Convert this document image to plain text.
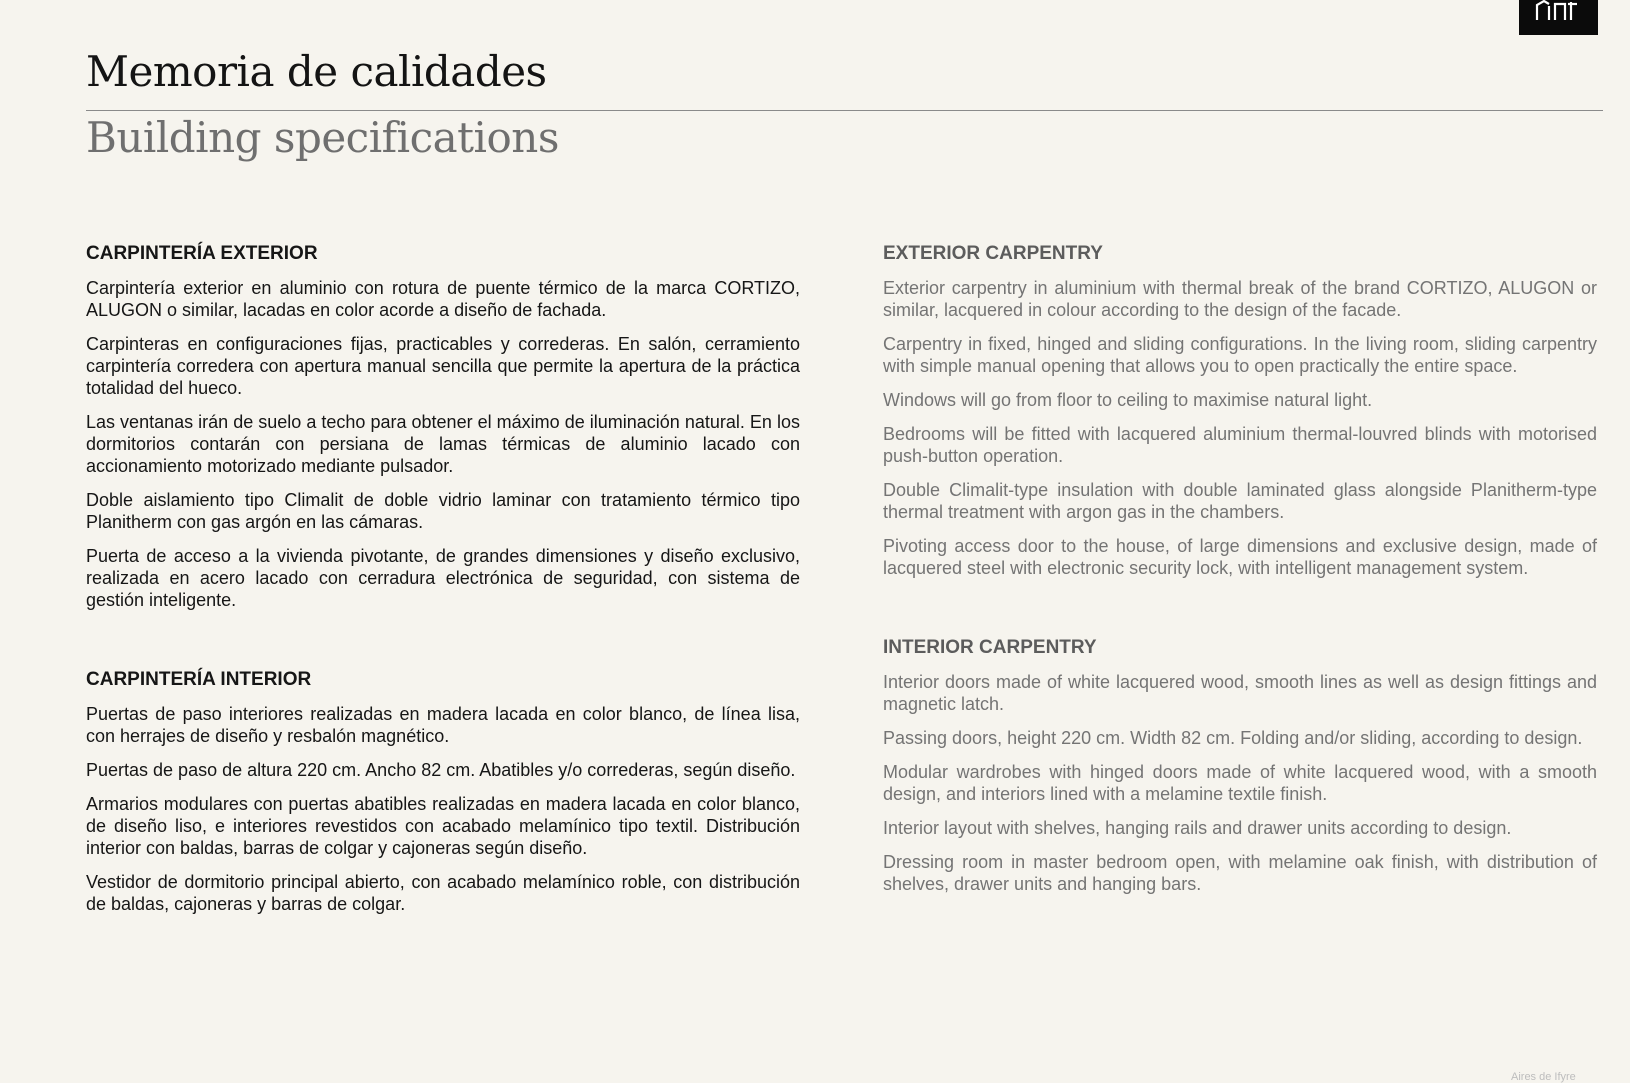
Memoria de calidades
Building specifications
CARPINTERÍA EXTERIOR

Carpintería exterior en aluminio con rotura de puente térmico de la marca CORTIZO, ALUGON o similar, lacadas en color acorde a diseño de fachada.

Carpinteras en configuraciones fijas, practicables y correderas. En salón, cerramiento carpintería corredera con apertura manual sencilla que permite la apertura de la práctica totalidad del hueco.

Las ventanas irán de suelo a techo para obtener el máximo de iluminación natural. En los dormitorios contarán con persiana de lamas térmicas de aluminio lacado con accionamiento motorizado mediante pulsador.

Doble aislamiento tipo Climalit de doble vidrio laminar con tratamiento térmico tipo Planitherm con gas argón en las cámaras.

Puerta de acceso a la vivienda pivotante, de grandes dimensiones y diseño exclusivo, realizada en acero lacado con cerradura electrónica de seguridad, con sistema de gestión inteligente.

CARPINTERÍA INTERIOR

Puertas de paso interiores realizadas en madera lacada en color blanco, de línea lisa, con herrajes de diseño y resbalón magnético.

Puertas de paso de altura 220 cm. Ancho 82 cm. Abatibles y/o correderas, según diseño.

Armarios modulares con puertas abatibles realizadas en madera lacada en color blanco, de diseño liso, e interiores revestidos con acabado melamínico tipo textil. Distribución interior con baldas, barras de colgar y cajoneras según diseño.

Vestidor de dormitorio principal abierto, con acabado melamínico roble, con distribución de baldas, cajoneras y barras de colgar.

EXTERIOR CARPENTRY

Exterior carpentry in aluminium with thermal break of the brand CORTIZO, ALUGON or similar, lacquered in colour according to the design of the facade.

Carpentry in fixed, hinged and sliding configurations. In the living room, sliding carpentry with simple manual opening that allows you to open practically the entire space.

Windows will go from floor to ceiling to maximise natural light.

Bedrooms will be fitted with lacquered aluminium thermal-louvred blinds with motorised push-button operation.

Double Climalit-type insulation with double laminated glass alongside Planitherm-type thermal treatment with argon gas in the chambers.

Pivoting access door to the house, of large dimensions and exclusive design, made of lacquered steel with electronic security lock, with intelligent management system.

INTERIOR CARPENTRY

Interior doors made of white lacquered wood, smooth lines as well as design fittings and magnetic latch.

Passing doors, height 220 cm. Width 82 cm. Folding and/or sliding, according to design.

Modular wardrobes with hinged doors made of white lacquered wood, with a smooth design, and interiors lined with a melamine textile finish.

Interior layout with shelves, hanging rails and drawer units according to design.

Dressing room in master bedroom open, with melamine oak finish, with distribution of shelves, drawer units and hanging bars.

Aires de Ifyre
